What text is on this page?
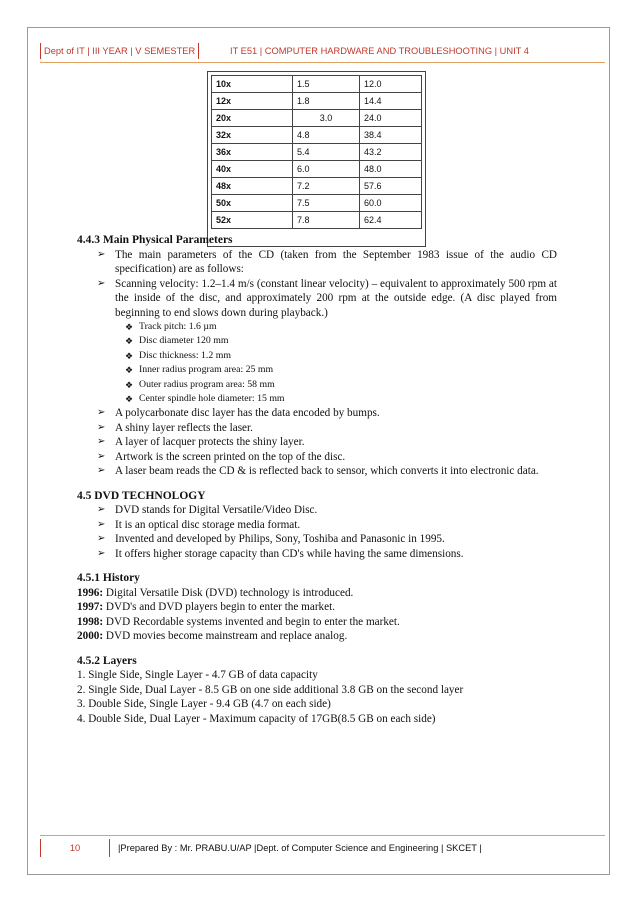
Dept of IT | III YEAR | V SEMESTER	IT E51 | COMPUTER HARDWARE AND TROUBLESHOOTING | UNIT 4
10x	1.5	12.0
12x	1.8	14.4
20x	3.0	24.0
32x	4.8	38.4
36x	5.4	43.2
40x	6.0	48.0
48x	7.2	57.6
50x	7.5	60.0
52x	7.8	62.4
4.4.3 Main Physical Parameters
➢ The main parameters of the CD (taken from the September 1983 issue of the audio CD specification) are as follows:
➢ Scanning velocity: 1.2–1.4 m/s (constant linear velocity) – equivalent to approximately 500 rpm at the inside of the disc, and approximately 200 rpm at the outside edge. (A disc played from beginning to end slows down during playback.)
❖ Track pitch: 1.6 µm
❖ Disc diameter 120 mm
❖ Disc thickness: 1.2 mm
❖ Inner radius program area: 25 mm
❖ Outer radius program area: 58 mm
❖ Center spindle hole diameter: 15 mm
➢ A polycarbonate disc layer has the data encoded by bumps.
➢ A shiny layer reflects the laser.
➢ A layer of lacquer protects the shiny layer.
➢ Artwork is the screen printed on the top of the disc.
➢ A laser beam reads the CD & is reflected back to sensor, which converts it into electronic data.
4.5 DVD TECHNOLOGY
➢ DVD stands for Digital Versatile/Video Disc.
➢ It is an optical disc storage media format.
➢ Invented and developed by Philips, Sony, Toshiba and Panasonic in 1995.
➢ It offers higher storage capacity than CD's while having the same dimensions.
4.5.1 History

1996: Digital Versatile Disk (DVD) technology is introduced.

1997: DVD's and DVD players begin to enter the market.

1998: DVD Recordable systems invented and begin to enter the market.

2000: DVD movies become mainstream and replace analog.

4.5.2 Layers

1. Single Side, Single Layer - 4.7 GB of data capacity

2. Single Side, Dual Layer - 8.5 GB on one side additional 3.8 GB on the second layer

3. Double Side, Single Layer - 9.4 GB (4.7 on each side)

4. Double Side, Dual Layer - Maximum capacity of 17GB(8.5 GB on each side)

10	|Prepared By : Mr. PRABU.U/AP |Dept. of Computer Science and Engineering | SKCET |
